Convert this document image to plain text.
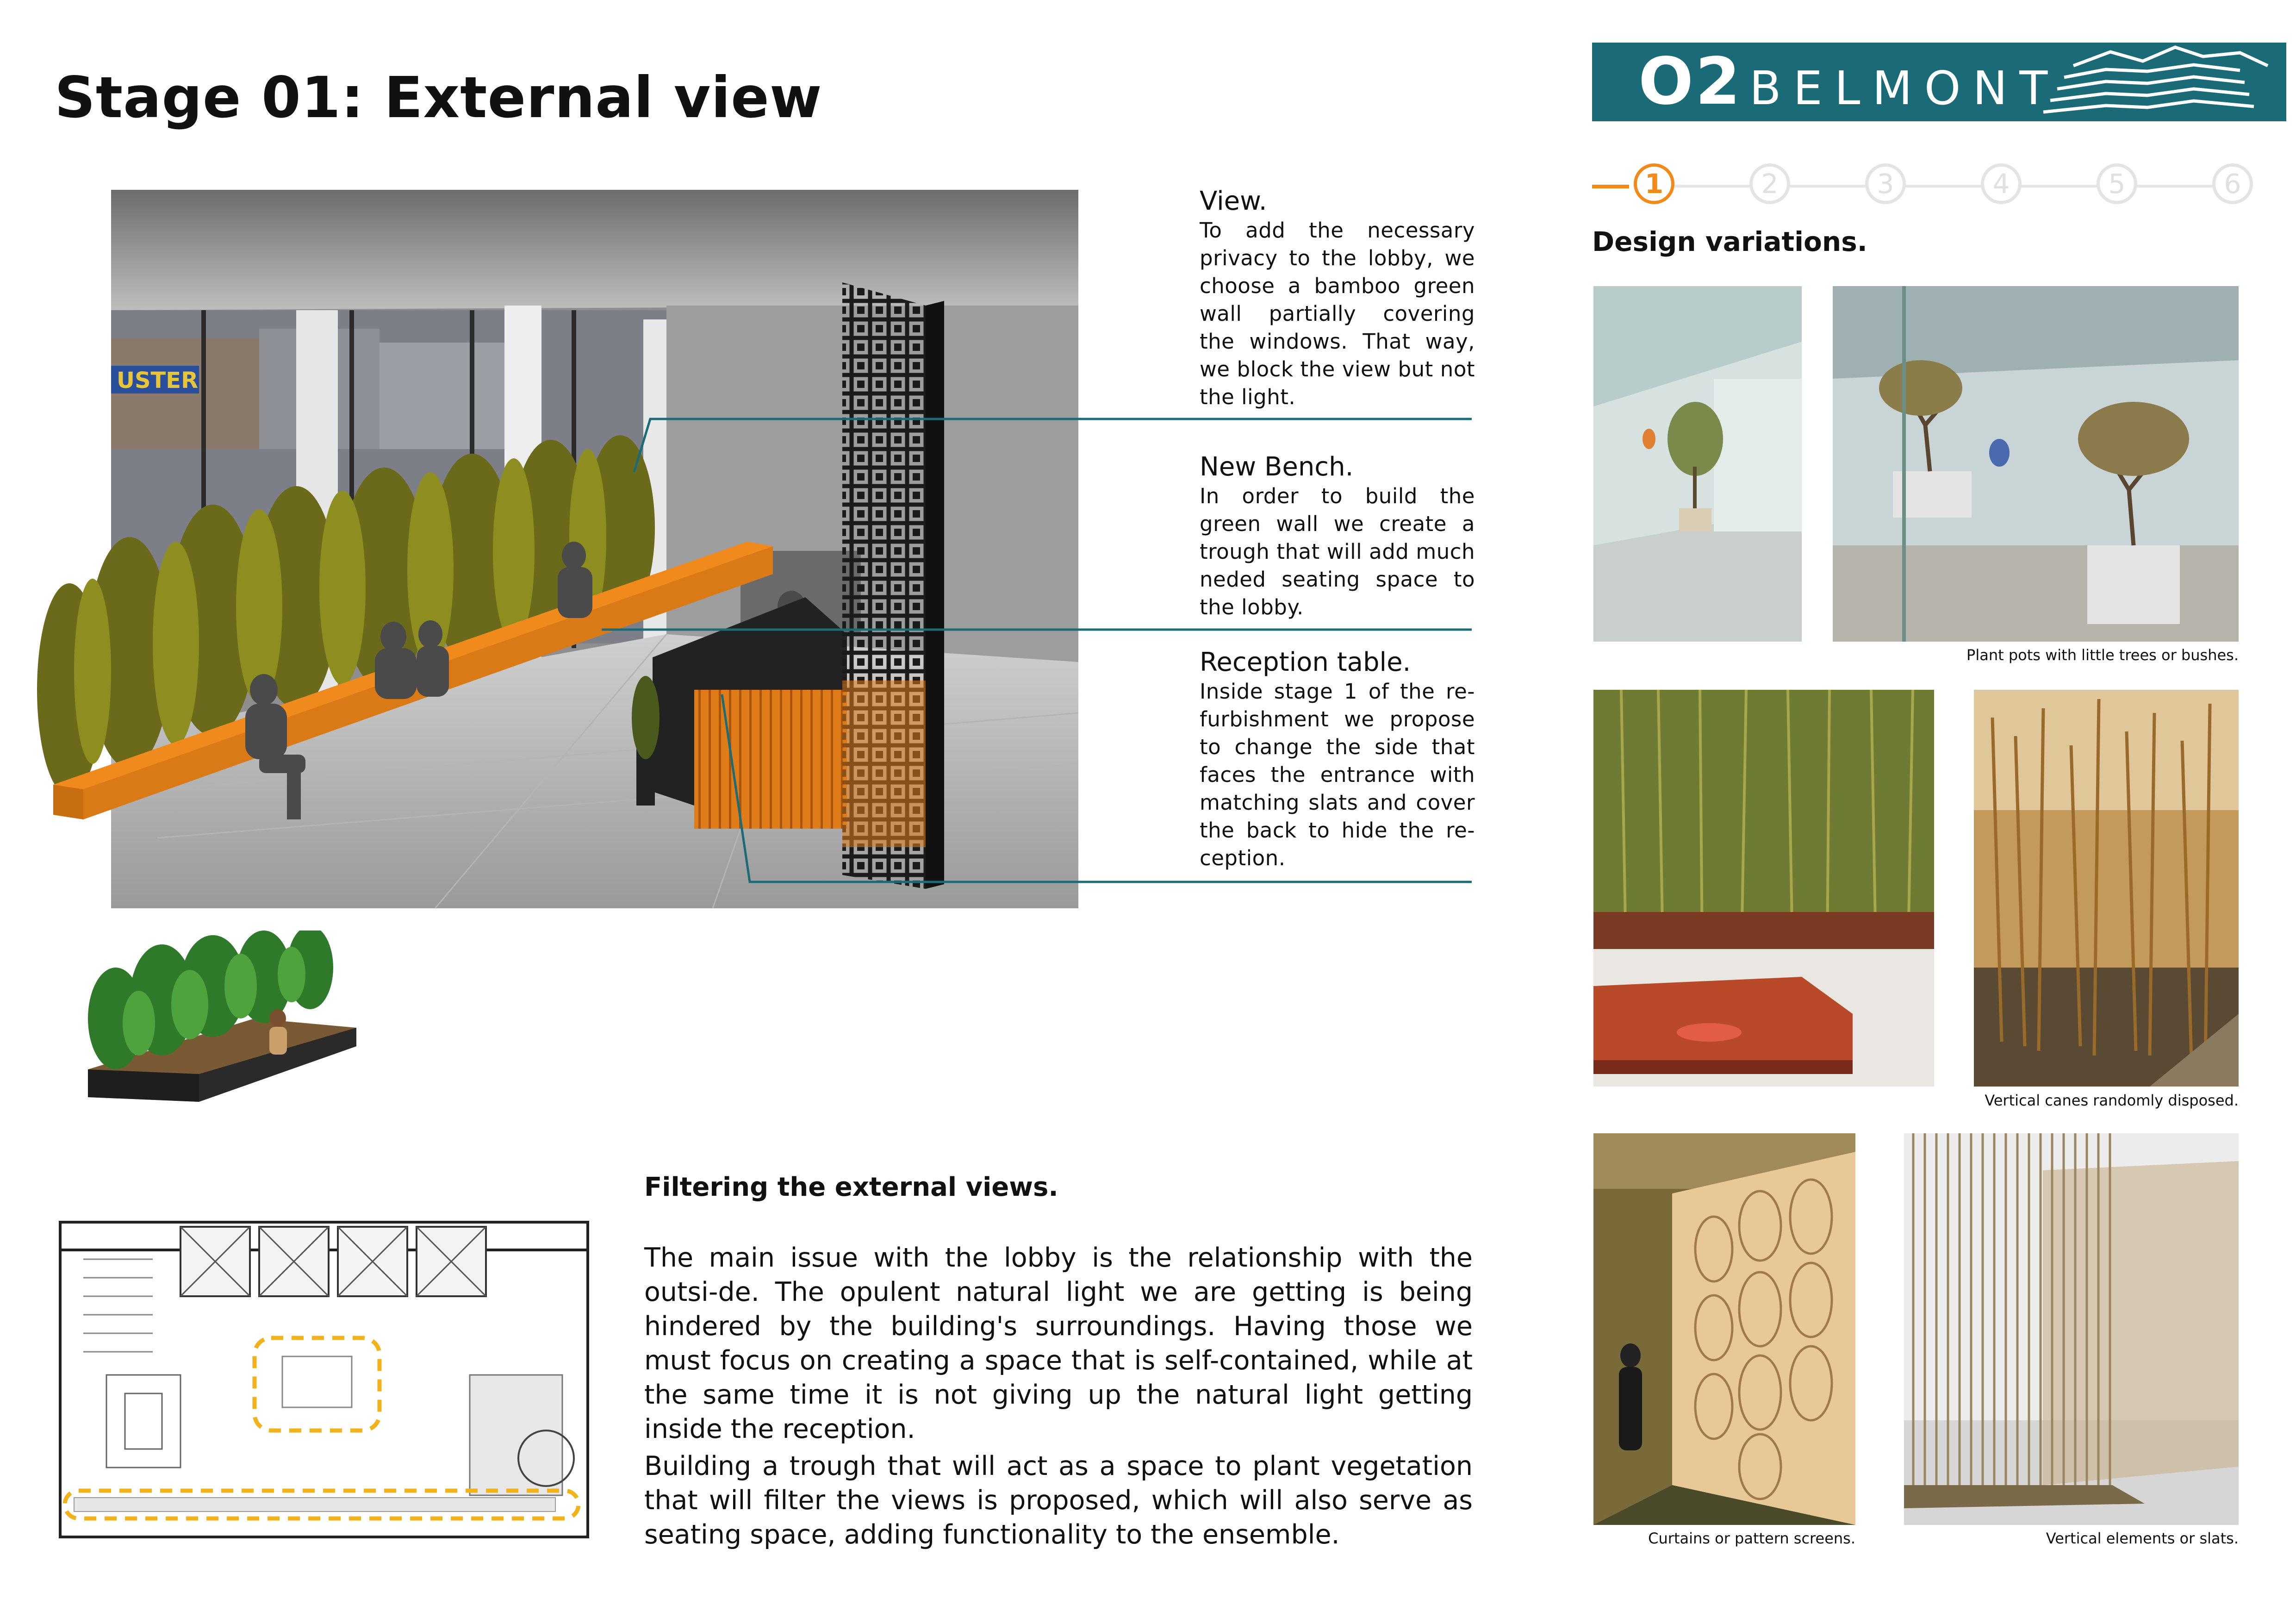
Stage 01: External view	O2 BELMONT
1	2	3	4	5	6
Design variations.
USTER

View.

To add the necessary privacy to the lobby, we choose a bamboo green wall partially covering the windows. That way, we block the view but not the light.

New Bench.

In order to build the green wall we create a trough that will add much neded seating space to the lobby.

Reception table.

Inside stage 1 of the re-furbishment we propose to change the side that faces the entrance with matching slats and cover the back to hide the re-ception.

Filtering the external views.

The main issue with the lobby is the relationship with the outsi-de. The opulent natural light we are getting is being hindered by the building's surroundings. Having those we must focus on creating a space that is self-contained, while at the same time it is not giving up the natural light getting inside the reception.

Building a trough that will act as a space to plant vegetation that will filter the views is proposed, which will also serve as seating space, adding functionality to the ensemble.

Plant pots with little trees or bushes.

Vertical canes randomly disposed.

Curtains or pattern screens.	Vertical elements or slats.
